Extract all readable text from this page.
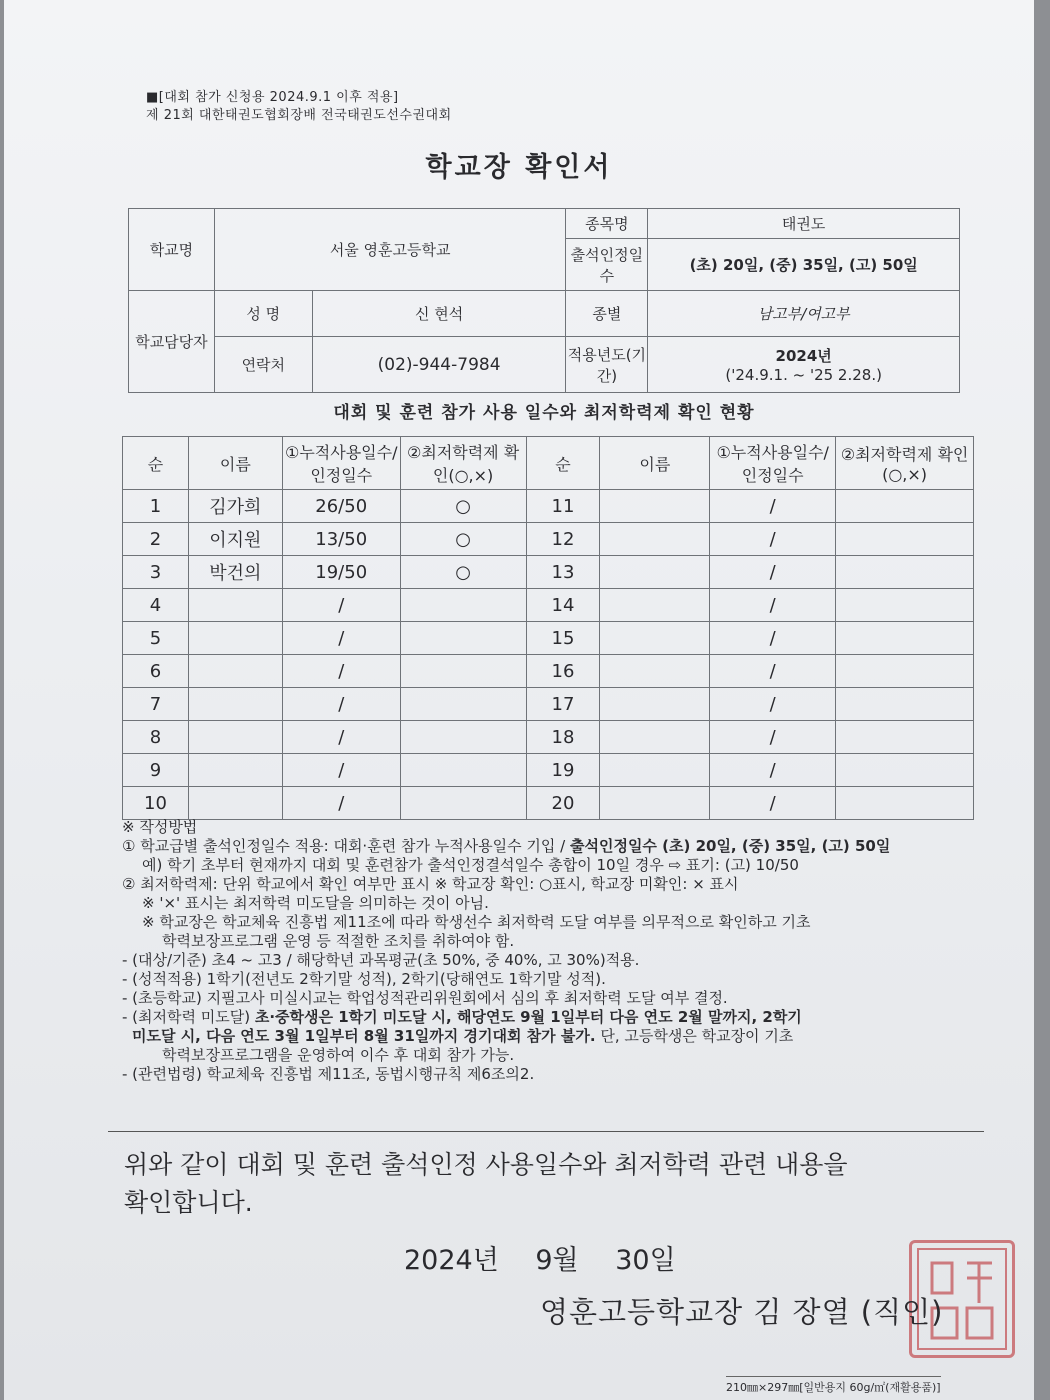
■[대회 참가 신청용 2024.9.1 이후 적용]
제 21회 대한태권도협회장배 전국태권도선수권대회
학교장 확인서
학교명	서울 영훈고등학교		종목명	태권도
			출석인정일수	(초) 20일, (중) 35일, (고) 50일
학교담당자	성 명	신 현석	종별	남고부/여고부
	연락처	(02)-944-7984	적용년도(기간)	2024년
('24.9.1. ~ '25 2.28.)
대회 및 훈련 참가 사용 일수와 최저학력제 확인 현황
순	이름	①누적사용일수/인정일수	②최저학력제 확인(○,×)	순	이름	①누적사용일수/인정일수	②최저학력제 확인(○,×)
1	김가희	26/50	○	11		/	
2	이지원	13/50	○	12		/	
3	박건의	19/50	○	13		/	
4		/		14		/	
5		/		15		/	
6		/		16		/	
7		/		17		/	
8		/		18		/	
9		/		19		/	
10		/		20		/	
※ 작성방법
① 학교급별 출석인정일수 적용: 대회·훈련 참가 누적사용일수 기입 / 출석인정일수 (초) 20일, (중) 35일, (고) 50일
예) 학기 초부터 현재까지 대회 및 훈련참가 출석인정결석일수 총합이 10일 경우 ⇨ 표기: (고) 10/50
② 최저학력제: 단위 학교에서 확인 여부만 표시 ※ 학교장 확인: ○표시, 학교장 미확인: × 표시
※ '×' 표시는 최저학력 미도달을 의미하는 것이 아님.
※ 학교장은 학교체육 진흥법 제11조에 따라 학생선수 최저학력 도달 여부를 의무적으로 확인하고 기초
학력보장프로그램 운영 등 적절한 조치를 취하여야 함.
- (대상/기준) 초4 ~ 고3 / 해당학년 과목평균(초 50%, 중 40%, 고 30%)적용.
- (성적적용) 1학기(전년도 2학기말 성적), 2학기(당해연도 1학기말 성적).
- (초등학교) 지필고사 미실시교는 학업성적관리위원회에서 심의 후 최저학력 도달 여부 결정.
- (최저학력 미도달) 초·중학생은 1학기 미도달 시, 해당연도 9월 1일부터 다음 연도 2월 말까지, 2학기
미도달 시, 다음 연도 3월 1일부터 8월 31일까지 경기대회 참가 불가. 단, 고등학생은 학교장이 기초
학력보장프로그램을 운영하여 이수 후 대회 참가 가능.
- (관련법령) 학교체육 진흥법 제11조, 동법시행규칙 제6조의2.
위와 같이 대회 및 훈련 출석인정 사용일수와 최저학력 관련 내용을
확인합니다.
2024년 9월 30일
영훈고등학교장 김 장열 (직인)
210㎜×297㎜[일반용지 60g/㎡(재활용품)]
